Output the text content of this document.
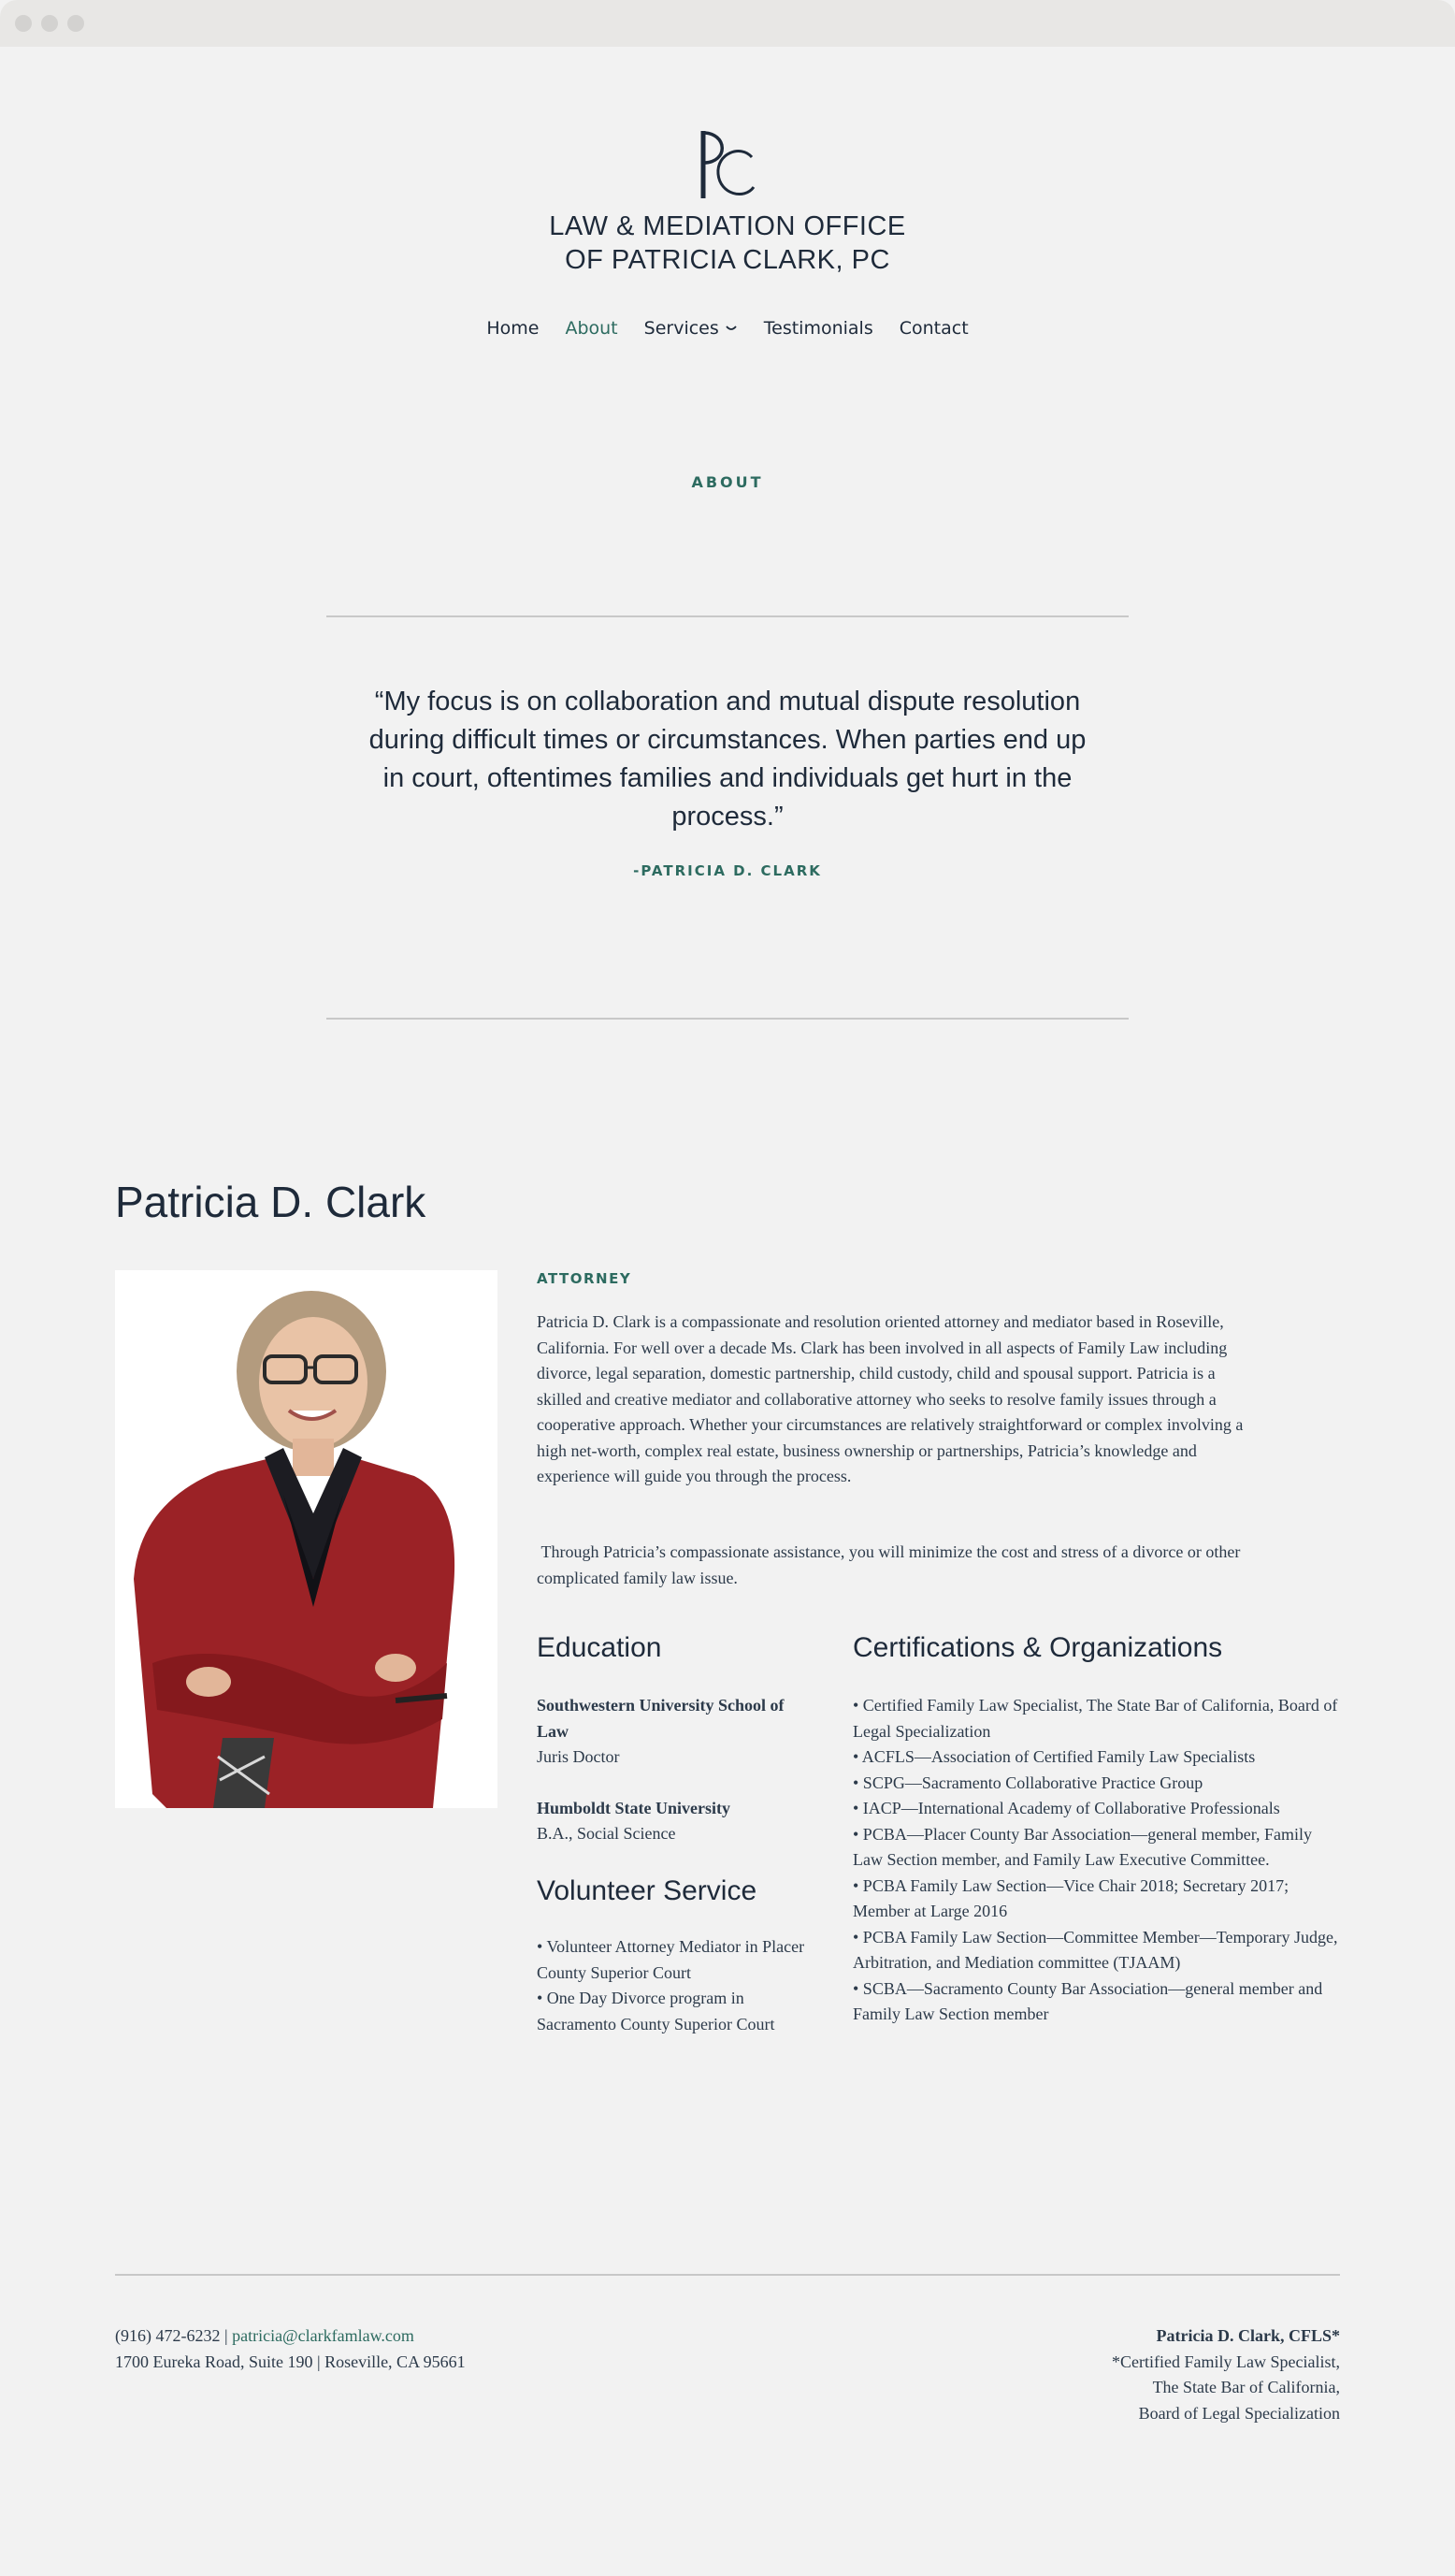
LAW & MEDIATION OFFICE
OF PATRICIA CLARK, PC
Home	About	Services	Testimonials	Contact
ABOUT
“My focus is on collaboration and mutual dispute resolution during difficult times or circumstances. When parties end up in court, oftentimes families and individuals get hurt in the process.”
-PATRICIA D. CLARK
Patricia D. Clark
ATTORNEY
Patricia D. Clark is a compassionate and resolution oriented attorney and mediator based in Roseville, California. For well over a decade Ms. Clark has been involved in all aspects of Family Law including divorce, legal separation, domestic partnership, child custody, child and spousal support. Patricia is a skilled and creative mediator and collaborative attorney who seeks to resolve family issues through a cooperative approach. Whether your circumstances are relatively straightforward or complex involving a high net-worth, complex real estate, business ownership or partnerships, Patricia’s knowledge and experience will guide you through the process.
Through Patricia’s compassionate assistance, you will minimize the cost and stress of a divorce or other complicated family law issue.
Education
Southwestern University School of Law
Juris Doctor
Humboldt State University
B.A., Social Science
Volunteer Service
• Volunteer Attorney Mediator in Placer County Superior Court
• One Day Divorce program in Sacramento County Superior Court
Certifications & Organizations
• Certified Family Law Specialist, The State Bar of California, Board of Legal Specialization
• ACFLS—Association of Certified Family Law Specialists
• SCPG—Sacramento Collaborative Practice Group
• IACP—International Academy of Collaborative Professionals
• PCBA—Placer County Bar Association—general member, Family Law Section member, and Family Law Executive Committee.
• PCBA Family Law Section—Vice Chair 2018; Secretary 2017; Member at Large 2016
• PCBA Family Law Section—Committee Member—Temporary Judge, Arbitration, and Mediation committee (TJAAM)
• SCBA—Sacramento County Bar Association—general member and Family Law Section member
(916) 472-6232 | patricia@clarkfamlaw.com
1700 Eureka Road, Suite 190 | Roseville, CA 95661
Patricia D. Clark, CFLS*
*Certified Family Law Specialist,
The State Bar of California,
Board of Legal Specialization
